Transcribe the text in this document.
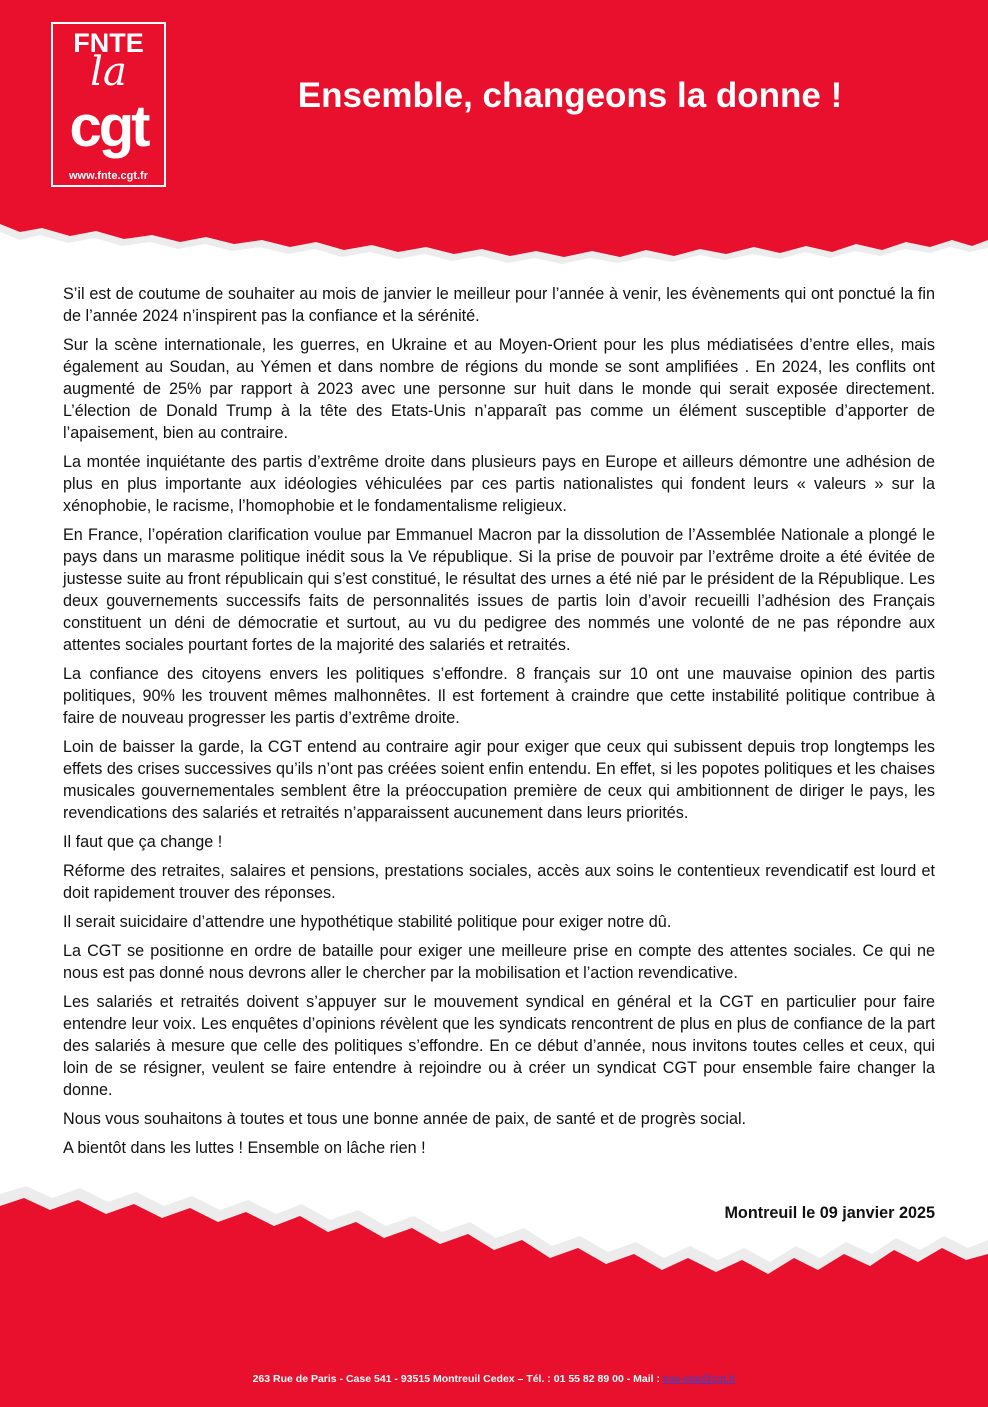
FNTE
la
cgt
www.fnte.cgt.fr
Ensemble, changeons la donne !

S’il est de coutume de souhaiter au mois de janvier le meilleur pour l’année à venir, les évènements qui ont ponctué la fin de l’année 2024 n’inspirent pas la confiance et la sérénité.

Sur la scène internationale, les guerres, en Ukraine et au Moyen-Orient pour les plus médiatisées d’entre elles, mais également au Soudan, au Yémen et dans nombre de régions du monde se sont amplifiées . En 2024, les conflits ont augmenté de 25% par rapport à 2023 avec une personne sur huit dans le monde qui serait exposée directement. L’élection de Donald Trump à la tête des Etats-Unis n’apparaît pas comme un élément susceptible d’apporter de l’apaisement, bien au contraire.

La montée inquiétante des partis d’extrême droite dans plusieurs pays en Europe et ailleurs démontre une adhésion de plus en plus importante aux idéologies véhiculées par ces partis nationalistes qui fondent leurs « valeurs » sur la xénophobie, le racisme, l’homophobie et le fondamentalisme religieux.

En France, l’opération clarification voulue par Emmanuel Macron par la dissolution de l’Assemblée Nationale a plongé le pays dans un marasme politique inédit sous la Ve république. Si la prise de pouvoir par l’extrême droite a été évitée de justesse suite au front républicain qui s’est constitué, le résultat des urnes a été nié par le président de la République. Les deux gouvernements successifs faits de personnalités issues de partis loin d’avoir recueilli l’adhésion des Français constituent un déni de démocratie et surtout, au vu du pedigree des nommés une volonté de ne pas répondre aux attentes sociales pourtant fortes de la majorité des salariés et retraités.

La confiance des citoyens envers les politiques s’effondre. 8 français sur 10 ont une mauvaise opinion des partis politiques, 90% les trouvent mêmes malhonnêtes. Il est fortement à craindre que cette instabilité politique contribue à faire de nouveau progresser les partis d’extrême droite.

Loin de baisser la garde, la CGT entend au contraire agir pour exiger que ceux qui subissent depuis trop longtemps les effets des crises successives qu’ils n’ont pas créées soient enfin entendu. En effet, si les popotes politiques et les chaises musicales gouvernementales semblent être la préoccupation première de ceux qui ambitionnent de diriger le pays, les revendications des salariés et retraités n’apparaissent aucunement dans leurs priorités.

Il faut que ça change !

Réforme des retraites, salaires et pensions, prestations sociales, accès aux soins le contentieux revendicatif est lourd et doit rapidement trouver des réponses.

Il serait suicidaire d’attendre une hypothétique stabilité politique pour exiger notre dû.

La CGT se positionne en ordre de bataille pour exiger une meilleure prise en compte des attentes sociales. Ce qui ne nous est pas donné nous devrons aller le chercher par la mobilisation et l’action revendicative.

Les salariés et retraités doivent s’appuyer sur le mouvement syndical en général et la CGT en particulier pour faire entendre leur voix. Les enquêtes d’opinions révèlent que les syndicats rencontrent de plus en plus de confiance de la part des salariés à mesure que celle des politiques s’effondre. En ce début d’année, nous invitons toutes celles et ceux, qui loin de se résigner, veulent se faire entendre à rejoindre ou à créer un syndicat CGT pour ensemble faire changer la donne.

Nous vous souhaitons à toutes et tous une bonne année de paix, de santé et de progrès social.

A bientôt dans les luttes ! Ensemble on lâche rien !

Montreuil le 09 janvier 2025
263 Rue de Paris - Case 541 - 93515 Montreuil Cedex – Tél. : 01 55 82 89 00 - Mail : trav-etat@cgt.fr
